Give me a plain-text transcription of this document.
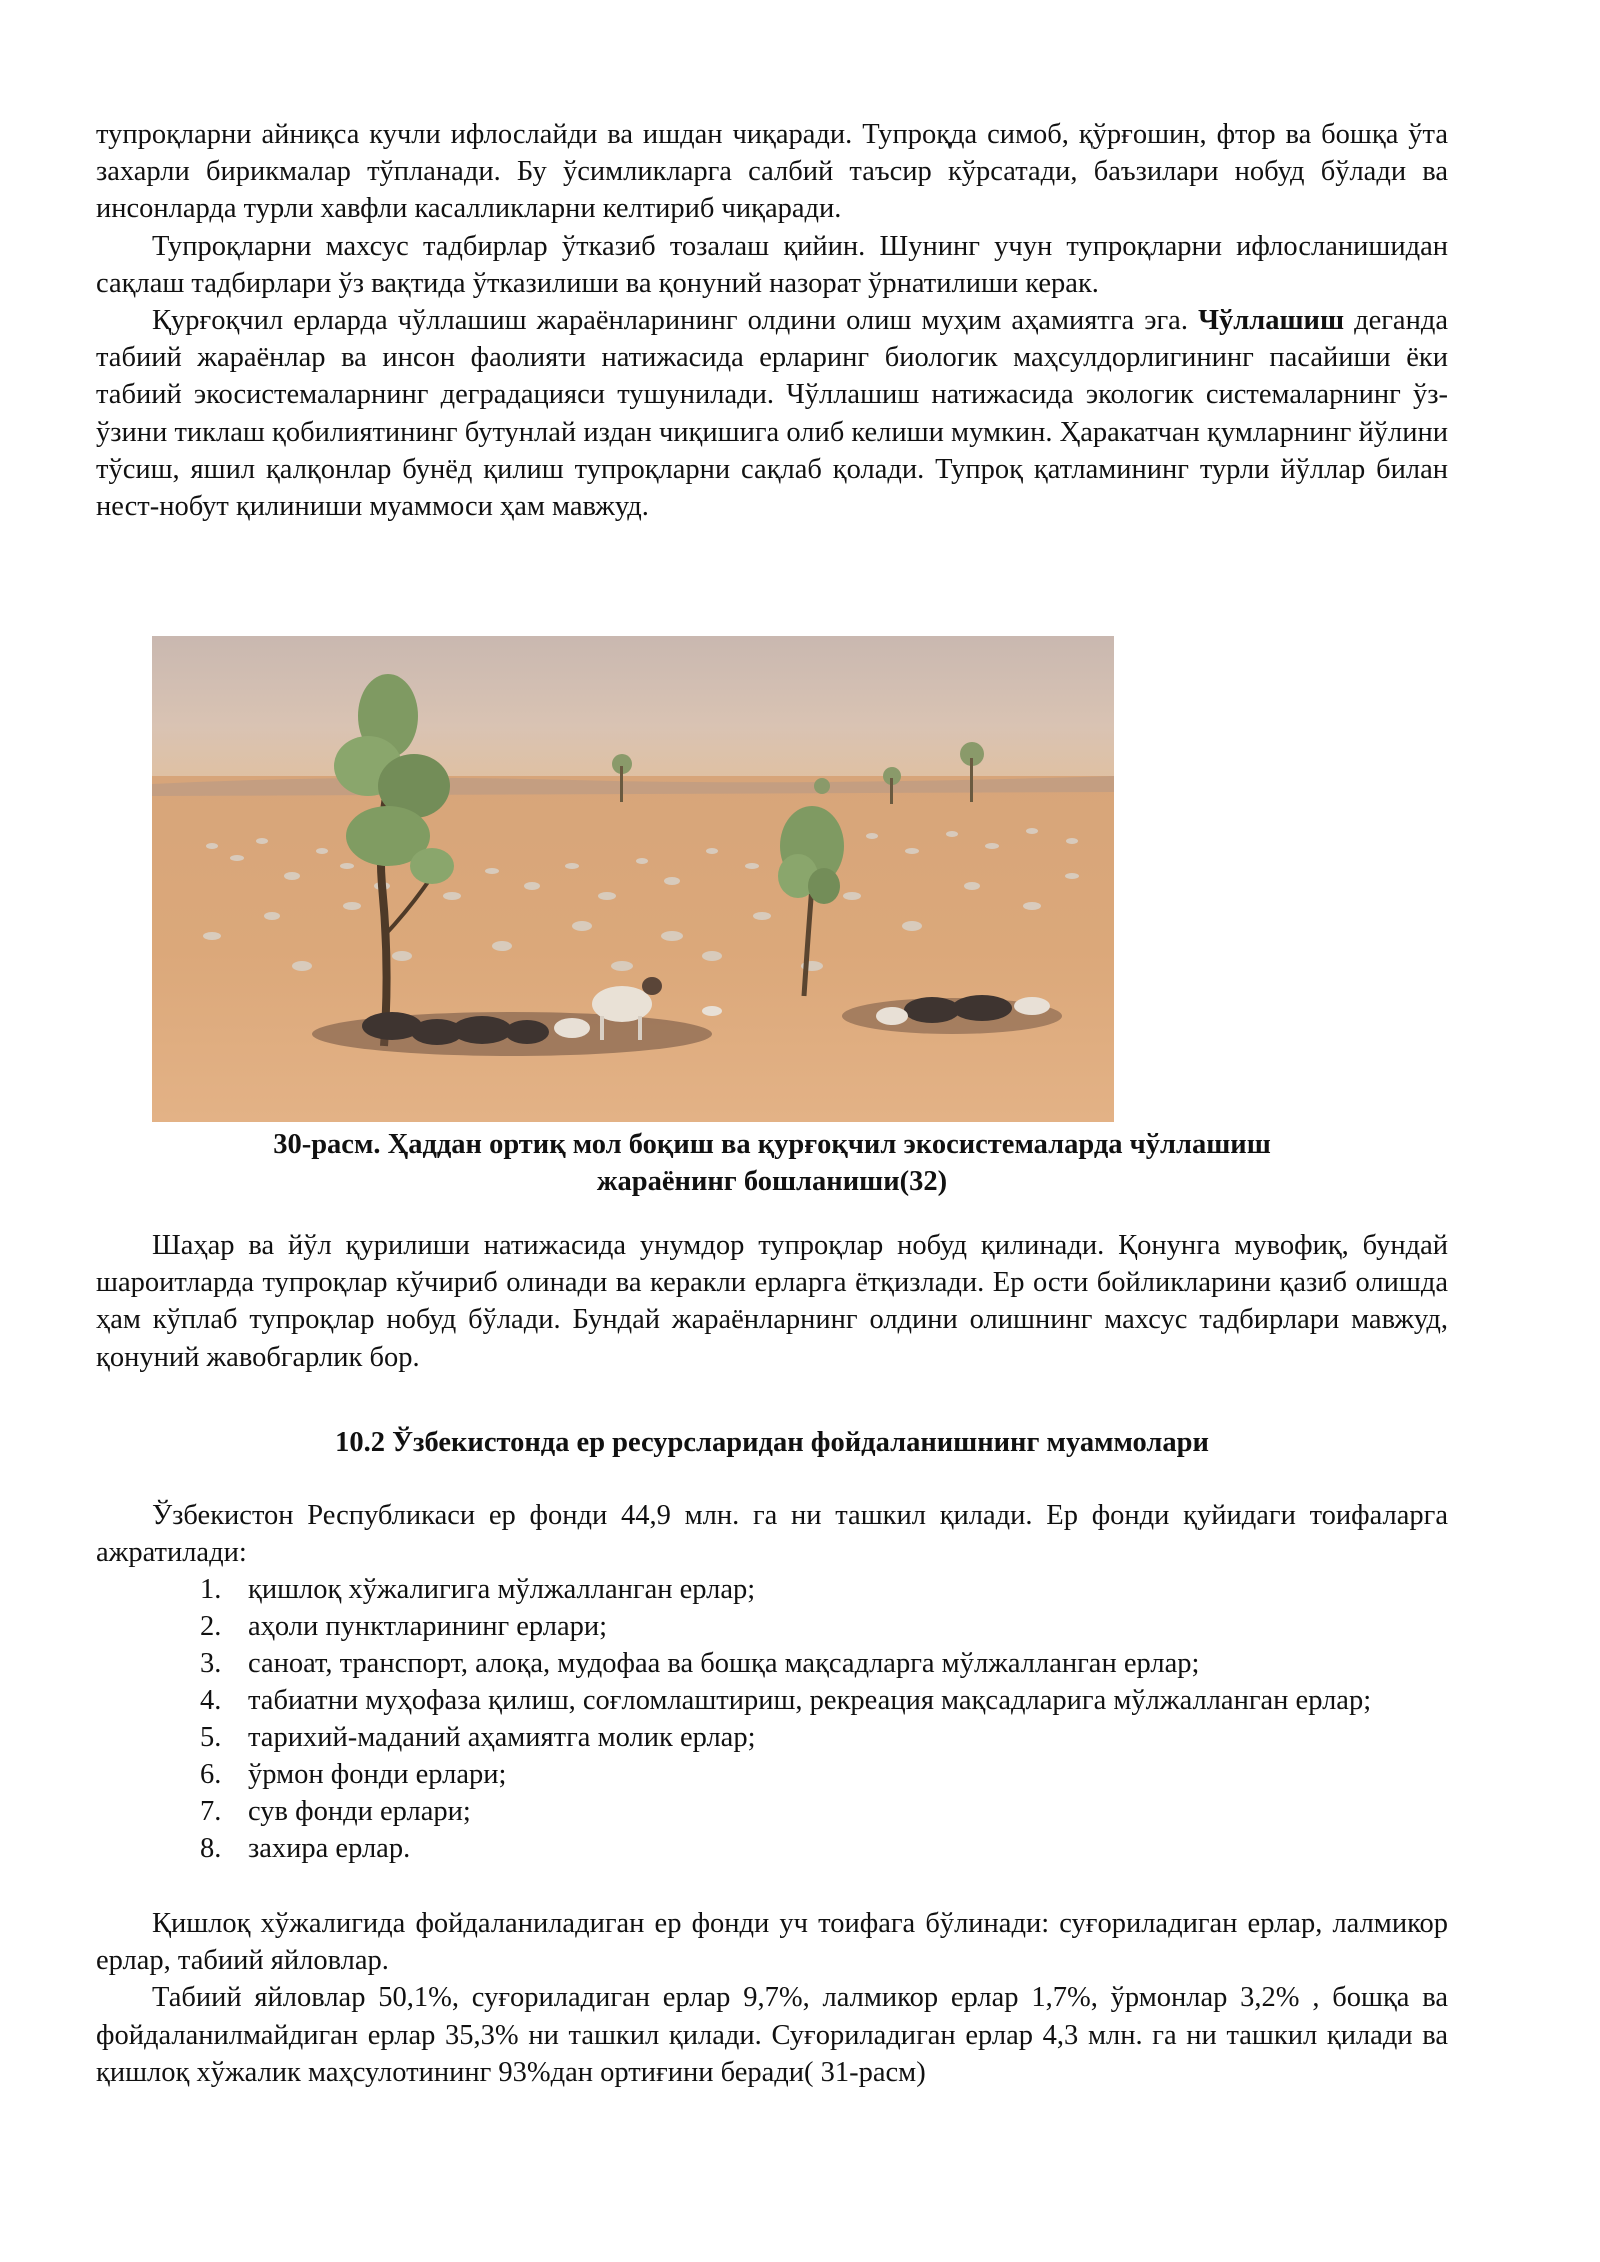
тупроқларни айниқса кучли ифлослайди ва ишдан чиқаради. Тупроқда симоб, қўрғошин, фтор ва бошқа ўта захарли бирикмалар тўпланади. Бу ўсимликларга салбий таъсир кўрсатади, баъзилари нобуд бўлади ва инсонларда турли хавфли касалликларни келтириб чиқаради.

Тупроқларни махсус тадбирлар ўтказиб тозалаш қийин. Шунинг учун тупроқларни ифлосланишидан сақлаш тадбирлари ўз вақтида ўтказилиши ва қонуний назорат ўрнатилиши керак.

Қурғоқчил ерларда чўллашиш жараёнларининг олдини олиш муҳим аҳамиятга эга. Чўллашиш деганда табиий жараёнлар ва инсон фаолияти натижасида ерларинг биологик маҳсулдорлигининг пасайиши ёки табиий экосистемаларнинг деградацияси тушунилади. Чўллашиш натижасида экологик системаларнинг ўз-ўзини тиклаш қобилиятининг бутунлай издан чиқишига олиб келиши мумкин. Ҳаракатчан қумларнинг йўлини тўсиш, яшил қалқонлар бунёд қилиш тупроқларни сақлаб қолади. Тупроқ қатламининг турли йўллар билан нест-нобут қилиниши муаммоси ҳам мавжуд.

30-расм. Ҳаддан ортиқ мол боқиш ва қурғоқчил экосистемаларда чўллашиш
жараёнинг бошланиши(32)

Шаҳар ва йўл қурилиши натижасида унумдор тупроқлар нобуд қилинади. Қонунга мувофиқ, бундай шароитларда тупроқлар кўчириб олинади ва керакли ерларга ётқизлади. Ер ости бойликларини қазиб олишда ҳам кўплаб тупроқлар нобуд бўлади. Бундай жараёнларнинг олдини олишнинг махсус тадбирлари мавжуд, қонуний жавобгарлик бор.

10.2 Ўзбекистонда ер ресурсларидан фойдаланишнинг муаммолари

Ўзбекистон Республикаси ер фонди 44,9 млн. га ни ташкил қилади. Ер фонди қуйидаги тоифаларга ажратилади:

1. қишлоқ хўжалигига мўлжалланган ерлар;
2. аҳоли пунктларининг ерлари;
3. саноат, транспорт, алоқа, мудофаа ва бошқа мақсадларга мўлжалланган ерлар;
4. табиатни муҳофаза қилиш, соғломлаштириш, рекреация мақсадларига мўлжалланган ерлар;
5. тарихий-маданий аҳамиятга молик ерлар;
6. ўрмон фонди ерлари;
7. сув фонди ерлари;
8. захира ерлар.

Қишлоқ хўжалигида фойдаланиладиган ер фонди уч тоифага бўлинади: суғориладиган ерлар, лалмикор ерлар, табиий яйловлар.

Табиий яйловлар 50,1%, суғориладиган ерлар 9,7%, лалмикор ерлар 1,7%, ўрмонлар 3,2% , бошқа ва фойдаланилмайдиган ерлар 35,3% ни ташкил қилади. Суғориладиган ерлар 4,3 млн. га ни ташкил қилади ва қишлоқ хўжалик маҳсулотининг 93%дан ортиғини беради( 31-расм)
